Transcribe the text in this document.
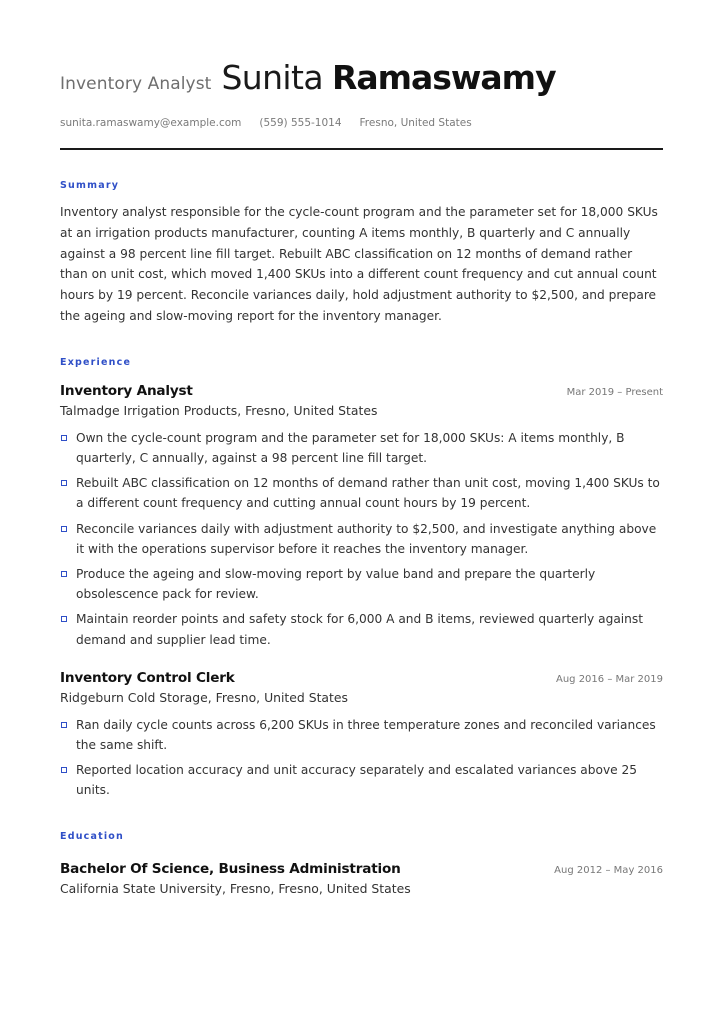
Inventory Analyst Sunita Ramaswamy
sunita.ramaswamy@example.com (559) 555-1014 Fresno, United States
Summary

Inventory analyst responsible for the cycle-count program and the parameter set for 18,000 SKUs at an irrigation products manufacturer, counting A items monthly, B quarterly and C annually against a 98 percent line fill target. Rebuilt ABC classification on 12 months of demand rather than on unit cost, which moved 1,400 SKUs into a different count frequency and cut annual count hours by 19 percent. Reconcile variances daily, hold adjustment authority to $2,500, and prepare the ageing and slow-moving report for the inventory manager.

Experience
Inventory Analyst	Mar 2019 – Present
Talmadge Irrigation Products, Fresno, United States
Own the cycle-count program and the parameter set for 18,000 SKUs: A items monthly, B quarterly, C annually, against a 98 percent line fill target.
Rebuilt ABC classification on 12 months of demand rather than unit cost, moving 1,400 SKUs to a different count frequency and cutting annual count hours by 19 percent.
Reconcile variances daily with adjustment authority to $2,500, and investigate anything above it with the operations supervisor before it reaches the inventory manager.
Produce the ageing and slow-moving report by value band and prepare the quarterly obsolescence pack for review.
Maintain reorder points and safety stock for 6,000 A and B items, reviewed quarterly against demand and supplier lead time.
Inventory Control Clerk	Aug 2016 – Mar 2019
Ridgeburn Cold Storage, Fresno, United States
Ran daily cycle counts across 6,200 SKUs in three temperature zones and reconciled variances the same shift.
Reported location accuracy and unit accuracy separately and escalated variances above 25 units.
Education
Bachelor Of Science, Business Administration	Aug 2012 – May 2016
California State University, Fresno, Fresno, United States
